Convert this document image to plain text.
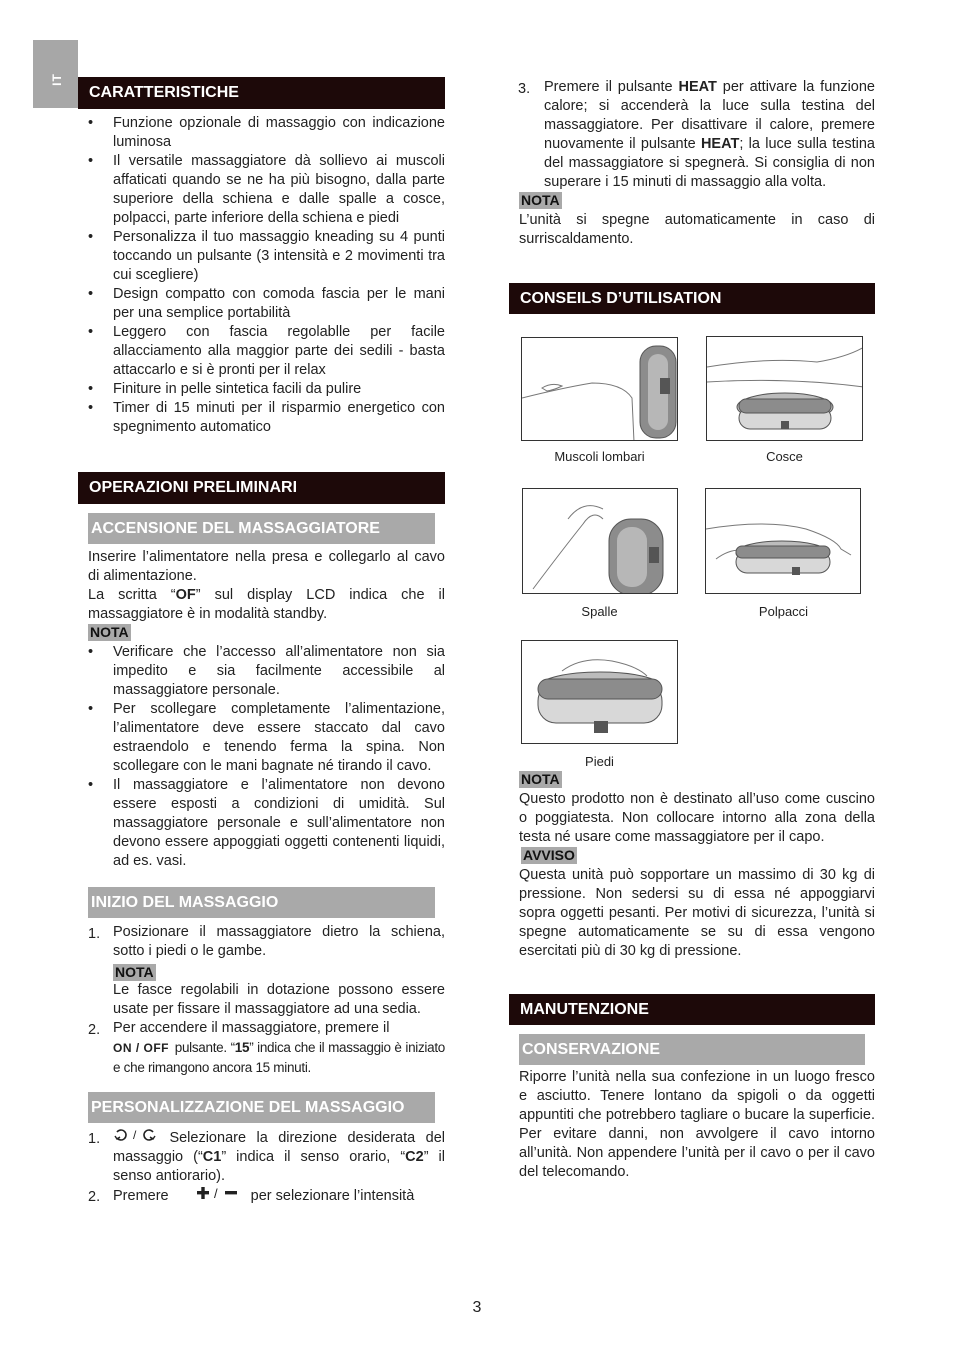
IT
CARATTERISTICHE
• Funzione opzionale di massaggio con indicazione luminosa
• Il versatile massaggiatore dà sollievo ai muscoli affaticati quando se ne ha più bisogno, dalla parte superiore della schiena e dalle spalle a cosce, polpacci, parte inferiore della schiena e piedi
• Personalizza il tuo massaggio kneading su 4 punti toccando un pulsante (3 intensità e 2 movimenti tra cui scegliere)
• Design compatto con comoda fascia per le mani per una semplice portabilità
• Leggero con fascia regolablle per facile allacciamento alla maggior parte dei sedili - basta attaccarlo e si è pronti per il relax
• Finiture in pelle sintetica facili da pulire
• Timer di 15 minuti per il risparmio energetico con spegnimento automatico
OPERAZIONI PRELIMINARI
ACCENSIONE DEL MASSAGGIATORE

Inserire l’alimentatore nella presa e collegarlo al cavo di alimentazione.

La scritta “OF” sul display LCD indica che il massaggiatore è in modalità standby.

NOTA
• Verificare che l’accesso all’alimentatore non sia impedito e sia facilmente accessibile al massaggiatore personale.
• Per scollegare completamente l’alimentazione, l’alimentatore deve essere staccato dal cavo estraendolo e tenendo ferma la spina. Non scollegare con le mani bagnate né tirando il cavo.
• Il massaggiatore e l’alimentatore non devono essere esposti a condizioni di umidità. Sul massaggiatore personale e sull’alimentatore non devono essere appoggiati oggetti contenenti liquidi, ad es. vasi.
INIZIO DEL MASSAGGIO
1. Posizionare il massaggiatore dietro la schiena, sotto i piedi o le gambe.
NOTA

Le fasce regolabili in dotazione possono essere usate per fissare il massaggiatore ad una sedia.

2. Per accendere il massaggiatore, premere il
ON / OFF pulsante. “15” indica che il massaggio è iniziato e che rimangono ancora 15 minuti.
PERSONALIZZAZIONE DEL MASSAGGIO
1.	/ Selezionare la direzione desiderata del massaggio (“C1” indica il senso orario, “C2” il senso antiorario).
2. Premere	/ per selezionare l’intensità
3. Premere il pulsante HEAT per attivare la funzione calore; si accenderà la luce sulla testina del massaggiatore. Per disattivare il calore, premere nuovamente il pulsante HEAT; la luce sulla testina del massaggiatore si spegnerà. Si consiglia di non superare i 15 minuti di massaggio alla volta.
NOTA

L’unità si spegne automaticamente in caso di surriscaldamento.

CONSEILS D’UTILISATION
Muscoli lombari	Cosce
Spalle	Polpacci
Piedi
NOTA

Questo prodotto non è destinato all’uso come cuscino o poggiatesta. Non collocare intorno alla zona della testa né usare come massaggiatore per il capo.

AVVISO

Questa unità può sopportare un massimo di 30 kg di pressione. Non sedersi su di essa né appoggiarvi sopra oggetti pesanti. Per motivi di sicurezza, l’unità si spegne automaticamente se su di essa vengono esercitati più di 30 kg di pressione.

MANUTENZIONE
CONSERVAZIONE

Riporre l’unità nella sua confezione in un luogo fresco e asciutto. Tenere lontano da spigoli o da oggetti appuntiti che potrebbero tagliare o bucare la superficie. Per evitare danni, non avvolgere il cavo intorno all’unità. Non appendere l’unità per il cavo o per il cavo del telecomando.

3
